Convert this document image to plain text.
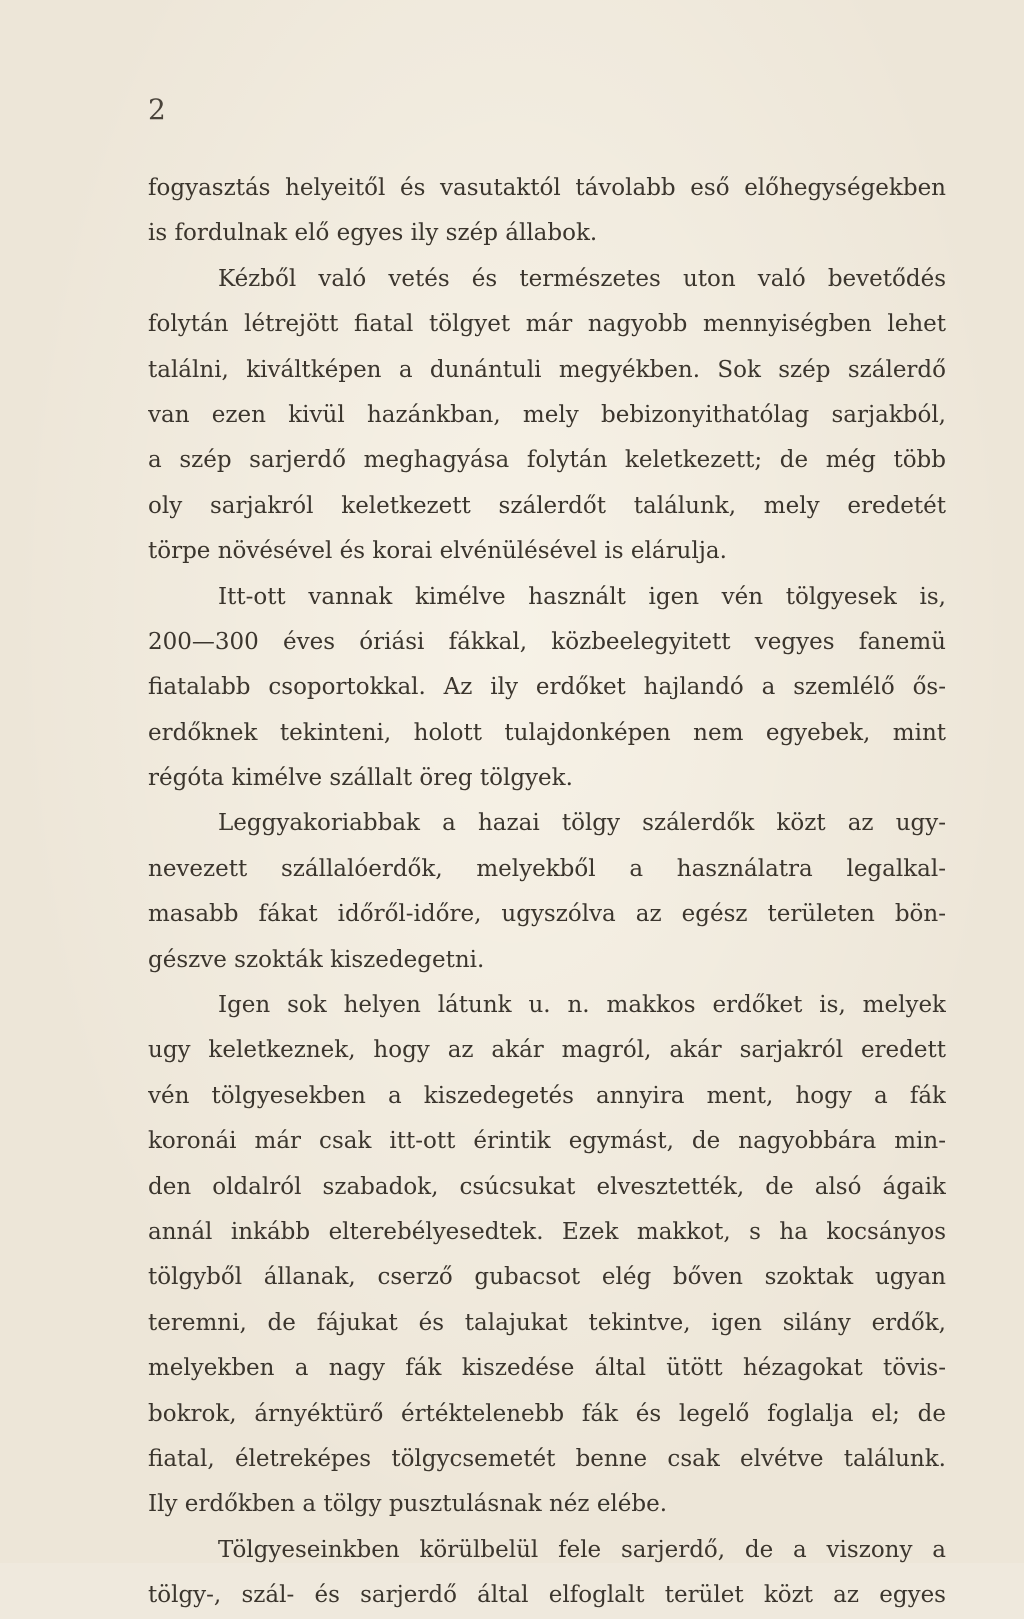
2
fogyasztás helyeitől és vasutaktól távolabb eső előhegységekben
is fordulnak elő egyes ily szép állabok.
Kézből való vetés és természetes uton való bevetődés
folytán létrejött fiatal tölgyet már nagyobb mennyiségben lehet
találni, kiváltképen a dunántuli megyékben. Sok szép szálerdő
van ezen kivül hazánkban, mely bebizonyithatólag sarjakból,
a szép sarjerdő meghagyása folytán keletkezett; de még több
oly sarjakról keletkezett szálerdőt találunk, mely eredetét
törpe növésével és korai elvénülésével is elárulja.
Itt-ott vannak kimélve használt igen vén tölgyesek is,
200—300 éves óriási fákkal, közbeelegyitett vegyes fanemü
fiatalabb csoportokkal. Az ily erdőket hajlandó a szemlélő ős-
erdőknek tekinteni, holott tulajdonképen nem egyebek, mint
régóta kimélve szállalt öreg tölgyek.
Leggyakoriabbak a hazai tölgy szálerdők közt az ugy-
nevezett szállalóerdők, melyekből a használatra legalkal-
masabb fákat időről-időre, ugyszólva az egész területen bön-
gészve szokták kiszedegetni.
Igen sok helyen látunk u. n. makkos erdőket is, melyek
ugy keletkeznek, hogy az akár magról, akár sarjakról eredett
vén tölgyesekben a kiszedegetés annyira ment, hogy a fák
koronái már csak itt-ott érintik egymást, de nagyobbára min-
den oldalról szabadok, csúcsukat elvesztették, de alsó ágaik
annál inkább elterebélyesedtek. Ezek makkot, s ha kocsányos
tölgyből állanak, cserző gubacsot elég bőven szoktak ugyan
teremni, de fájukat és talajukat tekintve, igen silány erdők,
melyekben a nagy fák kiszedése által ütött hézagokat tövis-
bokrok, árnyéktürő értéktelenebb fák és legelő foglalja el; de
fiatal, életreképes tölgycsemetét benne csak elvétve találunk.
Ily erdőkben a tölgy pusztulásnak néz elébe.
Tölgyeseinkben körülbelül fele sarjerdő, de a viszony a
tölgy-, szál- és sarjerdő által elfoglalt terület közt az egyes
